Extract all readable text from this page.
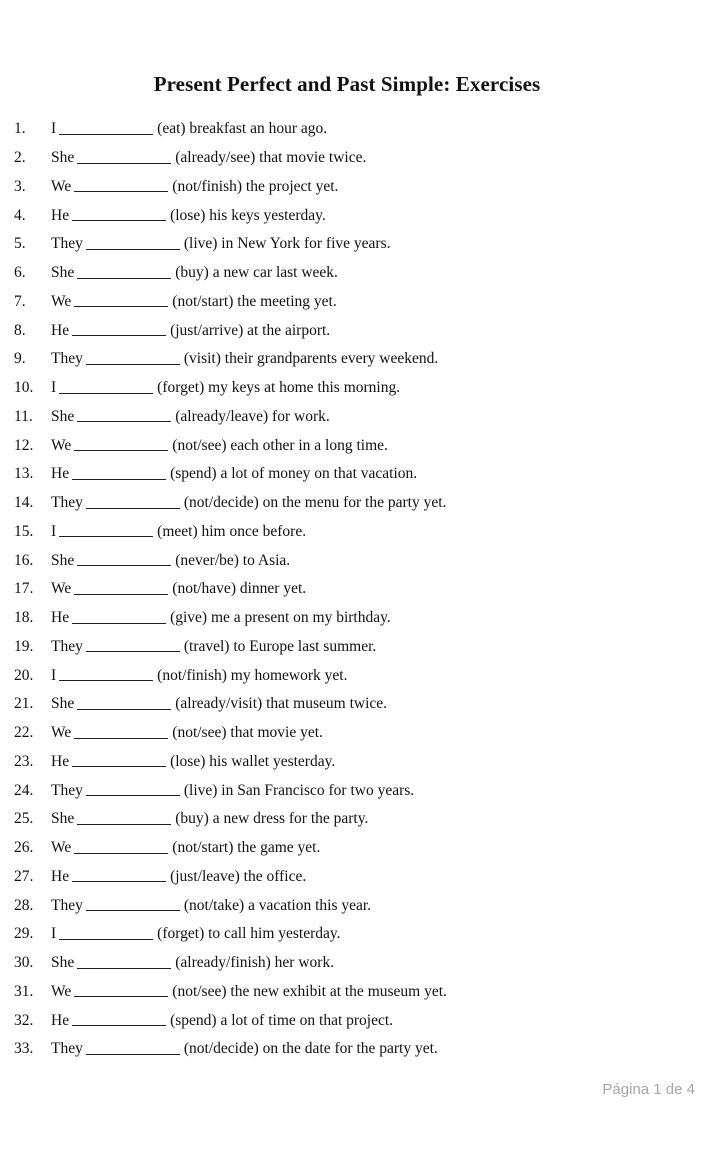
Present Perfect and Past Simple: Exercises
1.	I	(eat) breakfast an hour ago.
2.	She	(already/see) that movie twice.
3.	We	(not/finish) the project yet.
4.	He	(lose) his keys yesterday.
5.	They	(live) in New York for five years.
6.	She	(buy) a new car last week.
7.	We	(not/start) the meeting yet.
8.	He	(just/arrive) at the airport.
9.	They	(visit) their grandparents every weekend.
10.	I	(forget) my keys at home this morning.
11.	She	(already/leave) for work.
12.	We	(not/see) each other in a long time.
13.	He	(spend) a lot of money on that vacation.
14.	They	(not/decide) on the menu for the party yet.
15.	I	(meet) him once before.
16.	She	(never/be) to Asia.
17.	We	(not/have) dinner yet.
18.	He	(give) me a present on my birthday.
19.	They	(travel) to Europe last summer.
20.	I	(not/finish) my homework yet.
21.	She	(already/visit) that museum twice.
22.	We	(not/see) that movie yet.
23.	He	(lose) his wallet yesterday.
24.	They	(live) in San Francisco for two years.
25.	She	(buy) a new dress for the party.
26.	We	(not/start) the game yet.
27.	He	(just/leave) the office.
28.	They	(not/take) a vacation this year.
29.	I	(forget) to call him yesterday.
30.	She	(already/finish) her work.
31.	We	(not/see) the new exhibit at the museum yet.
32.	He	(spend) a lot of time on that project.
33.	They	(not/decide) on the date for the party yet.
Página 1 de 4
